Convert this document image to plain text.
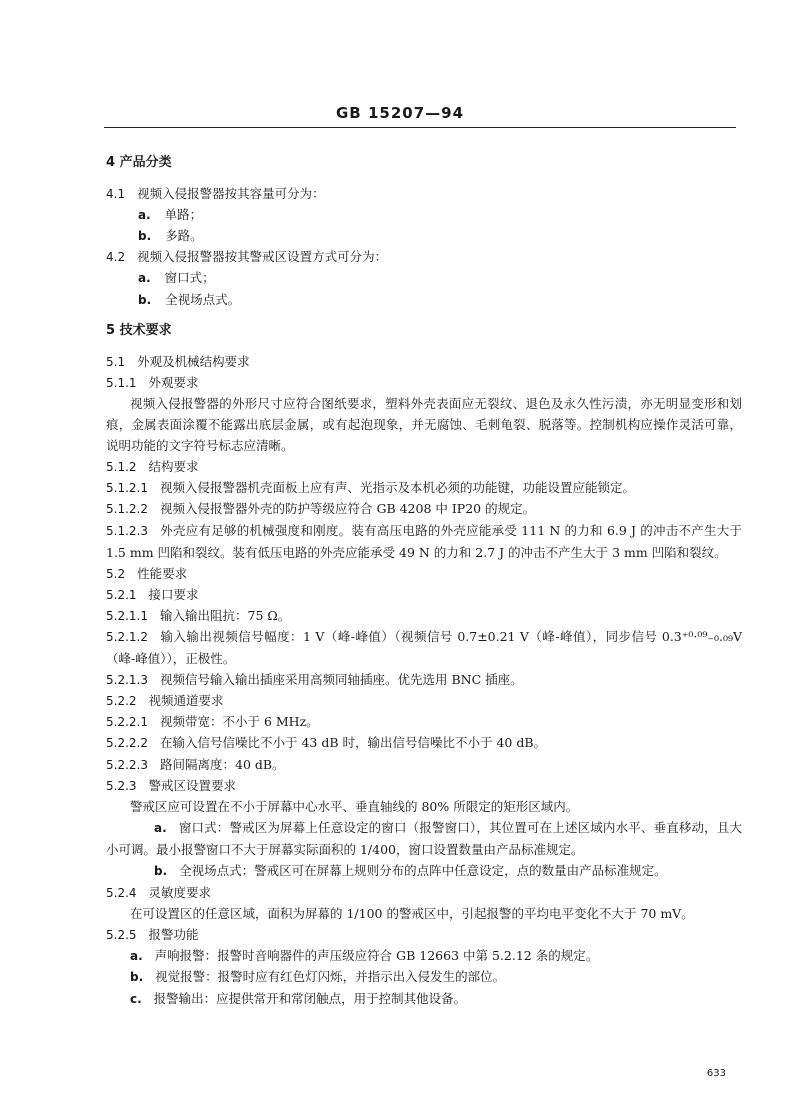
GB 15207—94
4 产品分类
4.1 视频入侵报警器按其容量可分为：
a. 单路；
b. 多路。
4.2 视频入侵报警器按其警戒区设置方式可分为：
a. 窗口式；
b. 全视场点式。
5 技术要求
5.1 外观及机械结构要求
5.1.1 外观要求
视频入侵报警器的外形尺寸应符合图纸要求，塑料外壳表面应无裂纹、退色及永久性污渍，亦无明显变形和划痕，金属表面涂覆不能露出底层金属，或有起泡现象，并无腐蚀、毛刺龟裂、脱落等。控制机构应操作灵活可靠，说明功能的文字符号标志应清晰。
5.1.2 结构要求
5.1.2.1 视频入侵报警器机壳面板上应有声、光指示及本机必须的功能键，功能设置应能锁定。
5.1.2.2 视频入侵报警器外壳的防护等级应符合 GB 4208 中 IP20 的规定。
5.1.2.3 外壳应有足够的机械强度和刚度。装有高压电路的外壳应能承受 111 N 的力和 6.9 J 的冲击不产生大于 1.5 mm 凹陷和裂纹。装有低压电路的外壳应能承受 49 N 的力和 2.7 J 的冲击不产生大于 3 mm 凹陷和裂纹。
5.2 性能要求
5.2.1 接口要求
5.2.1.1 输入输出阻抗：75 Ω。
5.2.1.2 输入输出视频信号幅度：1 V（峰-峰值）（视频信号 0.7±0.21 V（峰-峰值），同步信号 0.3⁺⁰·⁰⁹₋₀.₀₉V（峰-峰值）），正极性。
5.2.1.3 视频信号输入输出插座采用高频同轴插座。优先选用 BNC 插座。
5.2.2 视频通道要求
5.2.2.1 视频带宽：不小于 6 MHz。
5.2.2.2 在输入信号信噪比不小于 43 dB 时，输出信号信噪比不小于 40 dB。
5.2.2.3 路间隔离度：40 dB。
5.2.3 警戒区设置要求
警戒区应可设置在不小于屏幕中心水平、垂直轴线的 80% 所限定的矩形区域内。
a. 窗口式：警戒区为屏幕上任意设定的窗口（报警窗口），其位置可在上述区域内水平、垂直移动，且大小可调。最小报警窗口不大于屏幕实际面积的 1/400，窗口设置数量由产品标准规定。
b. 全视场点式：警戒区可在屏幕上规则分布的点阵中任意设定，点的数量由产品标准规定。
5.2.4 灵敏度要求
在可设置区的任意区域，面积为屏幕的 1/100 的警戒区中，引起报警的平均电平变化不大于 70 mV。
5.2.5 报警功能
a. 声响报警：报警时音响器件的声压级应符合 GB 12663 中第 5.2.12 条的规定。
b. 视觉报警：报警时应有红色灯闪烁，并指示出入侵发生的部位。
c. 报警输出：应提供常开和常闭触点，用于控制其他设备。
633
